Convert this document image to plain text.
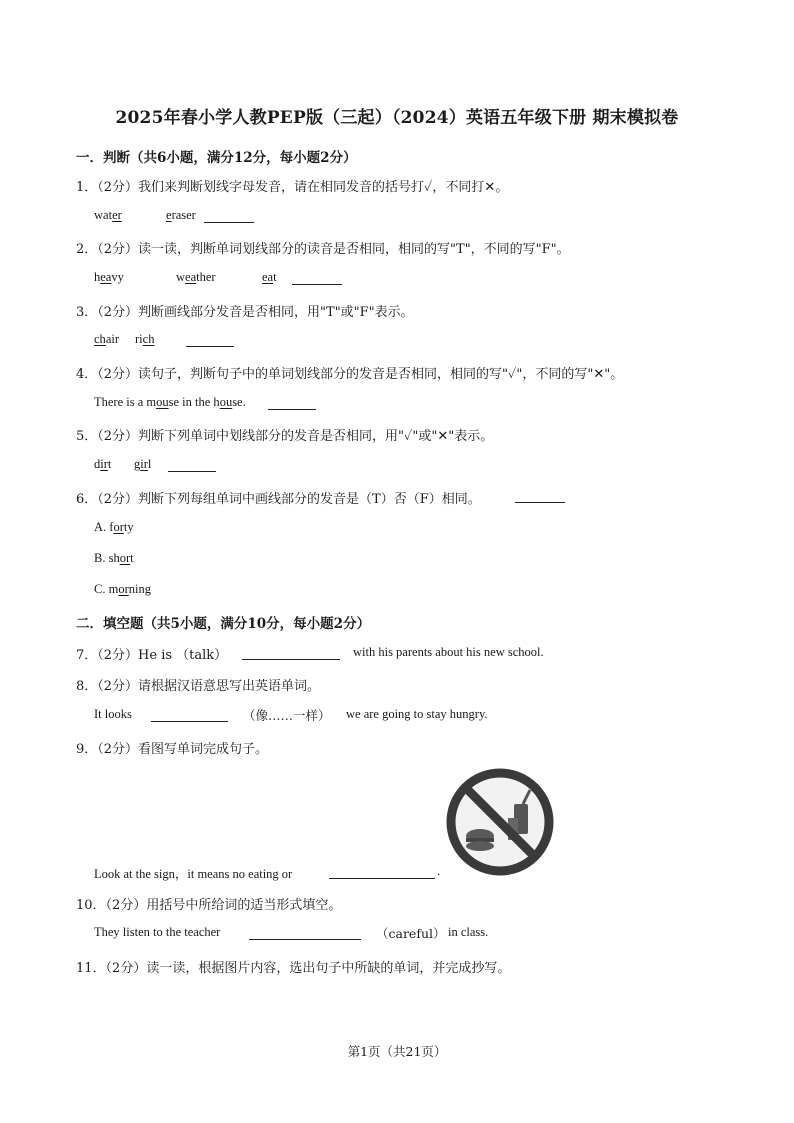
2025年春小学人教PEP版（三起）（2024）英语五年级下册 期末模拟卷
一．判断（共6小题，满分12分，每小题2分）
1．（2分）我们来判断划线字母发音，请在相同发音的括号打✓，不同打✕。
water	eraser
2．（2分）读一读，判断单词划线部分的读音是否相同，相同的写"T"，不同的写"F"。
heavy	weather	eat
3．（2分）判断画线部分发音是否相同，用"T"或"F"表示。
chair rich
4．（2分）读句子，判断句子中的单词划线部分的发音是否相同，相同的写"✓"，不同的写"✕"。
There is a mouse in the house.
5．（2分）判断下列单词中划线部分的发音是否相同，用"✓"或"✕"表示。
dirt girl
6．（2分）判断下列每组单词中画线部分的发音是（T）否（F）相同。
A. forty
B. short
C. morning
二．填空题（共5小题，满分10分，每小题2分）
7．（2分）He is （talk）	with his parents about his new school.
8．（2分）请根据汉语意思写出英语单词。
It looks	（像……一样） we are going to stay hungry.
9．（2分）看图写单词完成句子。
Look at the sign，it means no eating or	.
10．（2分）用括号中所给词的适当形式填空。
They listen to the teacher	（careful） in class.
11．（2分）读一读，根据图片内容，选出句子中所缺的单词，并完成抄写。
第1页（共21页）
